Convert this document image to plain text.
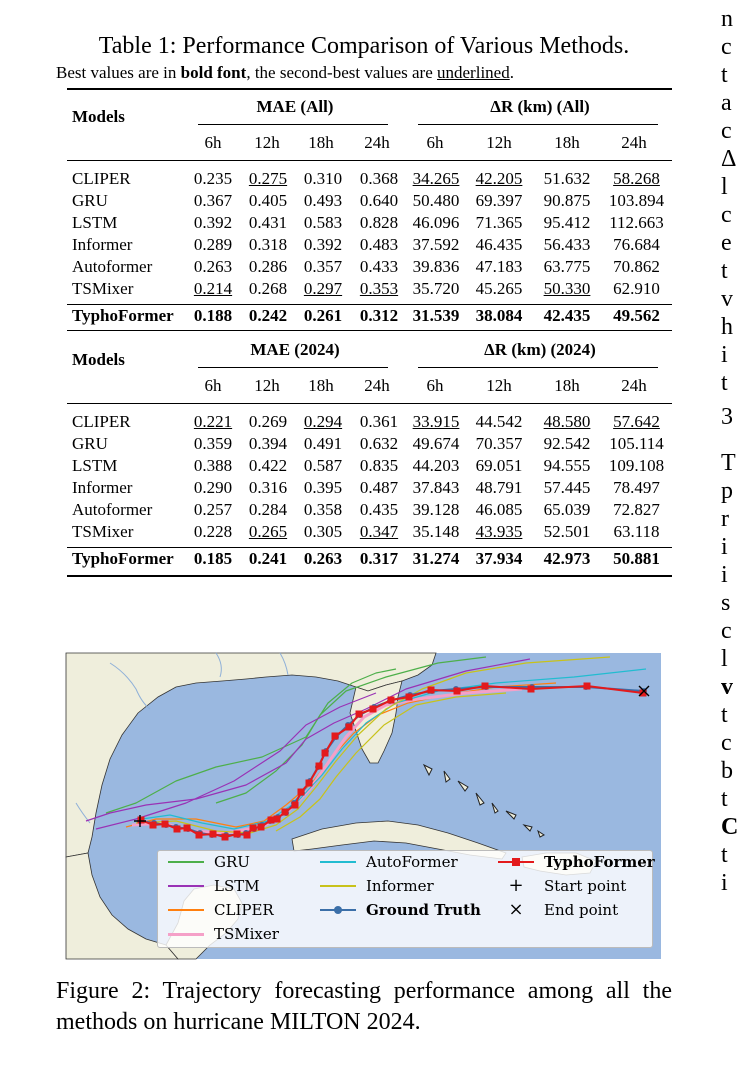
Table 1: Performance Comparison of Various Methods.
Best values are in bold font, the second-best values are underlined.
Models
MAE (All)	ΔR (km) (All)
6h	12h	18h	24h	6h	12h	18h	24h
CLIPER	0.235	0.275	0.310	0.368	34.265	42.205	51.632	58.268
GRU	0.367	0.405	0.493	0.640	50.480	69.397	90.875	103.894
LSTM	0.392	0.431	0.583	0.828	46.096	71.365	95.412	112.663
Informer	0.289	0.318	0.392	0.483	37.592	46.435	56.433	76.684
Autoformer	0.263	0.286	0.357	0.433	39.836	47.183	63.775	70.862
TSMixer	0.214	0.268	0.297	0.353	35.720	45.265	50.330	62.910

TyphoFormer	0.188	0.242	0.261	0.312	31.539	38.084	42.435	49.562
Models
MAE (2024)	ΔR (km) (2024)
6h	12h	18h	24h	6h	12h	18h	24h
CLIPER	0.221	0.269	0.294	0.361	33.915	44.542	48.580	57.642
GRU	0.359	0.394	0.491	0.632	49.674	70.357	92.542	105.114
LSTM	0.388	0.422	0.587	0.835	44.203	69.051	94.555	109.108
Informer	0.290	0.316	0.395	0.487	37.843	48.791	57.445	78.497
Autoformer	0.257	0.284	0.358	0.435	39.128	46.085	65.039	72.827
TSMixer	0.228	0.265	0.305	0.347	35.148	43.935	52.501	63.118

TyphoFormer	0.185	0.241	0.263	0.317	31.274	37.934	42.973	50.881
GRU
LSTM
CLIPER
TSMixer
AutoFormer
Informer
Ground Truth
TyphoFormer
+	Start point
×	End point
Figure 2: Trajectory forecasting performance among all the methods on hurricane MILTON 2024.
n
c
t
a
c
Δ
l
c
e
t
v
h
i
t
3
T
p
r
i
i
s
c
l
v
t
c
b
t
C
t
i
